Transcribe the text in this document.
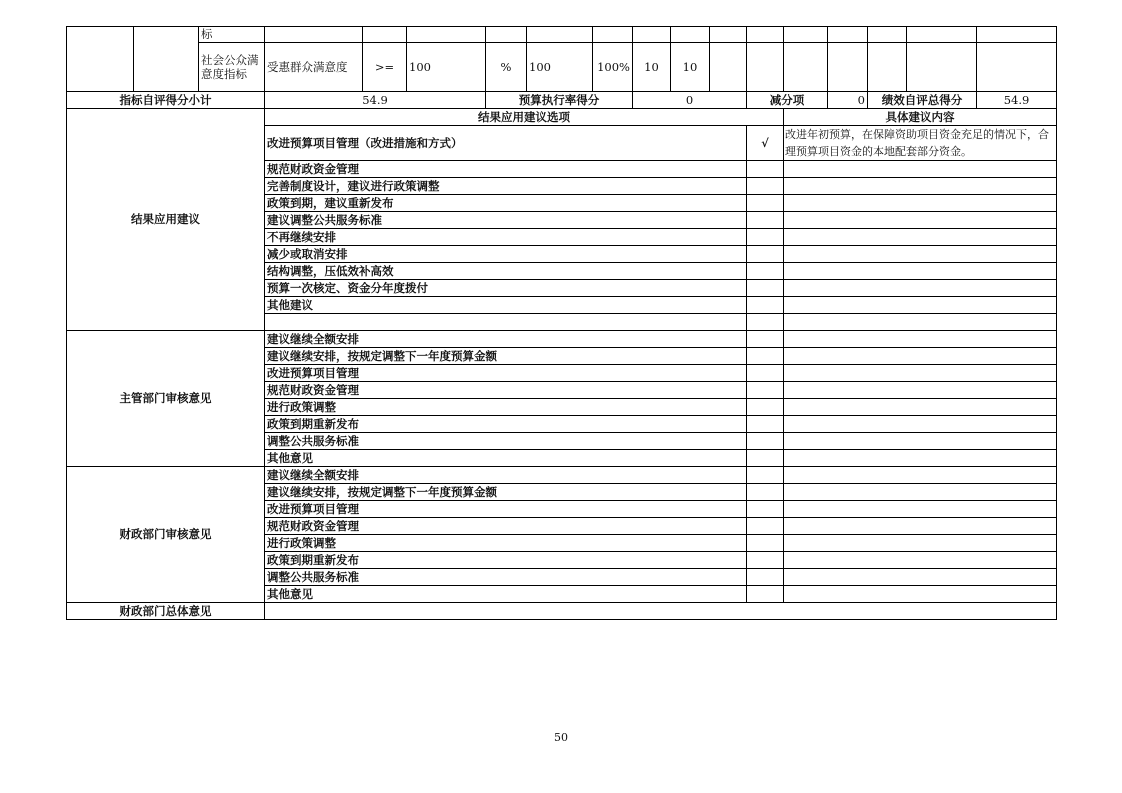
		标															
		社会公众满意度指标	受惠群众满意度	>=	100	%	100	100%	10	10							
指标自评得分小计			54.9			预算执行率得分			0			减分项		0	绩效自评总得分		54.9
结果应用建议			结果应用建议选项										具体建议内容				
			改进预算项目管理（改进措施和方式）									√	改进年初预算，在保障资助项目资金充足的情况下，合理预算项目资金的本地配套部分资金。				
			规范财政资金管理														
			完善制度设计，建议进行政策调整														
			政策到期，建议重新发布														
			建议调整公共服务标准														
			不再继续安排														
			减少或取消安排														
			结构调整，压低效补高效														
			预算一次核定、资金分年度拨付														
			其他建议														

主管部门审核意见			建议继续全额安排														
			建议继续安排，按规定调整下一年度预算金额														
			改进预算项目管理														
			规范财政资金管理														
			进行政策调整														
			政策到期重新发布														
			调整公共服务标准														
			其他意见														
财政部门审核意见			建议继续全额安排														
			建议继续安排，按规定调整下一年度预算金额														
			改进预算项目管理														
			规范财政资金管理														
			进行政策调整														
			政策到期重新发布														
			调整公共服务标准														
			其他意见														
财政部门总体意见																	
50
